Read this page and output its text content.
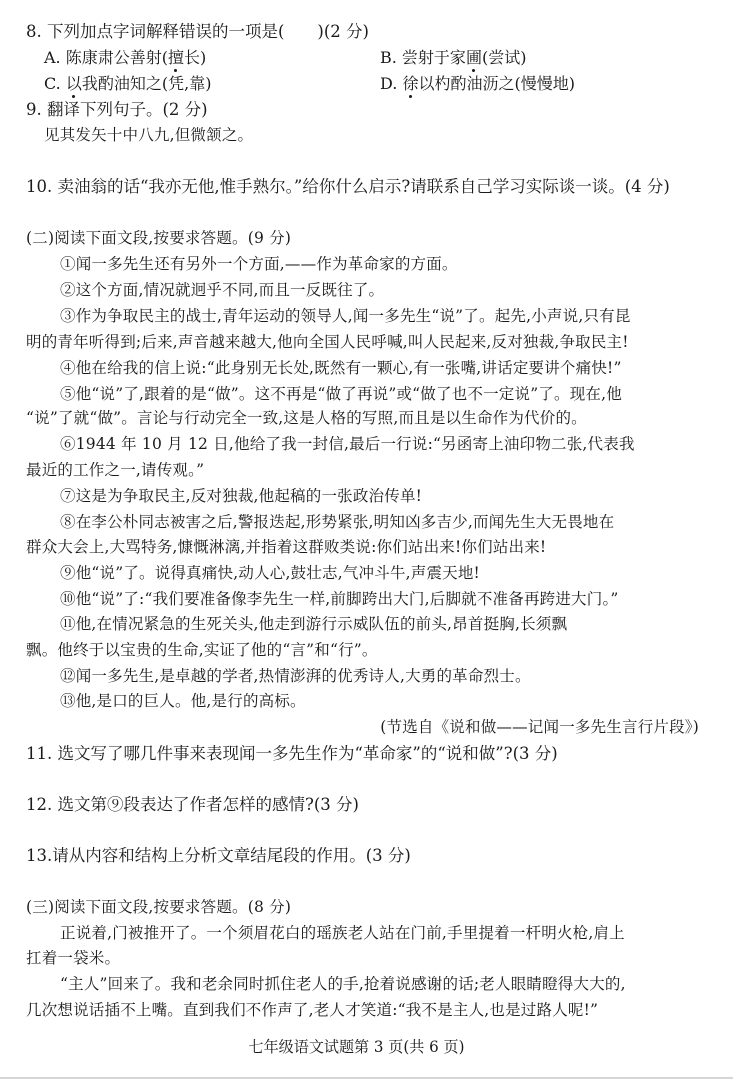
8. 下列加点字词解释错误的一项是(　　)(2 分)
A. 陈康肃公善射(擅长)	B. 尝射于家圃(尝试)
C. 以我酌油知之(凭,靠)	D. 徐以杓酌油沥之(慢慢地)
9. 翻译下列句子。(2 分)
见其发矢十中八九,但微颔之。
10. 卖油翁的话“我亦无他,惟手熟尔。”给你什么启示?请联系自己学习实际谈一谈。(4 分)
(二)阅读下面文段,按要求答题。(9 分)
①闻一多先生还有另外一个方面,——作为革命家的方面。
②这个方面,情况就迥乎不同,而且一反既往了。
③作为争取民主的战士,青年运动的领导人,闻一多先生“说”了。起先,小声说,只有昆
明的青年听得到;后来,声音越来越大,他向全国人民呼喊,叫人民起来,反对独裁,争取民主!
④他在给我的信上说:“此身别无长处,既然有一颗心,有一张嘴,讲话定要讲个痛快!”
⑤他“说”了,跟着的是“做”。这不再是“做了再说”或“做了也不一定说”了。现在,他
“说”了就“做”。言论与行动完全一致,这是人格的写照,而且是以生命作为代价的。
⑥1944 年 10 月 12 日,他给了我一封信,最后一行说:“另函寄上油印物二张,代表我
最近的工作之一,请传观。”
⑦这是为争取民主,反对独裁,他起稿的一张政治传单!
⑧在李公朴同志被害之后,警报迭起,形势紧张,明知凶多吉少,而闻先生大无畏地在
群众大会上,大骂特务,慷慨淋漓,并指着这群败类说:你们站出来!你们站出来!
⑨他“说”了。说得真痛快,动人心,鼓壮志,气冲斗牛,声震天地!
⑩他“说”了:“我们要准备像李先生一样,前脚跨出大门,后脚就不准备再跨进大门。”
⑪他,在情况紧急的生死关头,他走到游行示威队伍的前头,昂首挺胸,长须飘
飘。他终于以宝贵的生命,实证了他的“言”和“行”。
⑫闻一多先生,是卓越的学者,热情澎湃的优秀诗人,大勇的革命烈士。
⑬他,是口的巨人。他,是行的高标。
(节选自《说和做——记闻一多先生言行片段》)
11. 选文写了哪几件事来表现闻一多先生作为“革命家”的“说和做”?(3 分)
12. 选文第⑨段表达了作者怎样的感情?(3 分)
13.请从内容和结构上分析文章结尾段的作用。(3 分)
(三)阅读下面文段,按要求答题。(8 分)
正说着,门被推开了。一个须眉花白的瑶族老人站在门前,手里提着一杆明火枪,肩上
扛着一袋米。
“主人”回来了。我和老余同时抓住老人的手,抢着说感谢的话;老人眼睛瞪得大大的,
几次想说话插不上嘴。直到我们不作声了,老人才笑道:“我不是主人,也是过路人呢!”
七年级语文试题第 3 页(共 6 页)
